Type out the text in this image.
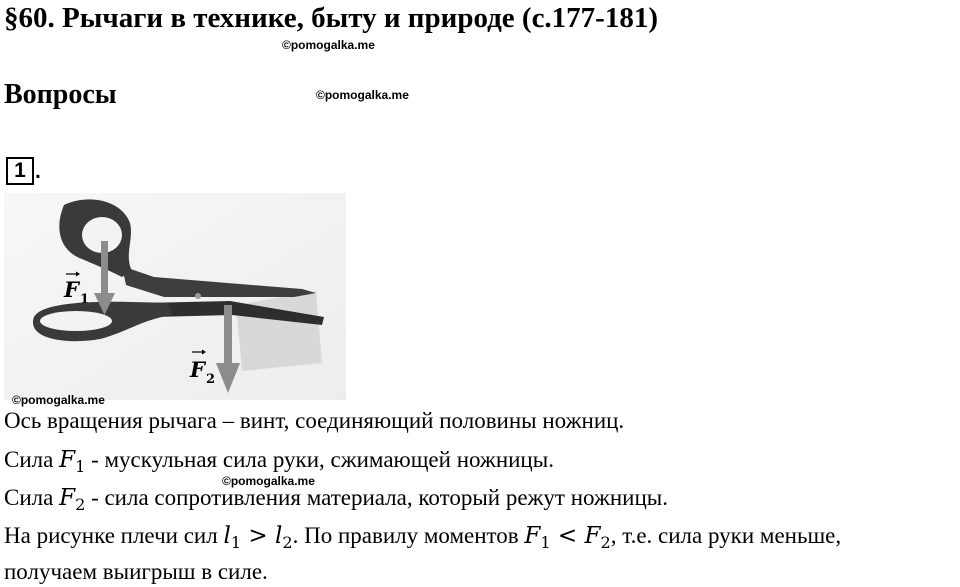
§60. Рычаги в технике, быту и природе (с.177-181)
©pomogalka.me
Вопросы	©pomogalka.me
1 .
F 1
F 2
©pomogalka.me
Ось вращения рычага – винт, соединяющий половины ножниц.
Сила $F_1$ - мускульная сила руки, сжимающей ножницы.
©pomogalka.me
Сила $F_2$ - сила сопротивления материала, который режут ножницы.
На рисунке плечи сил $l_1 > l_2$. По правилу моментов $F_1 < F_2$, т.е. сила руки меньше,
получаем выигрыш в силе.
